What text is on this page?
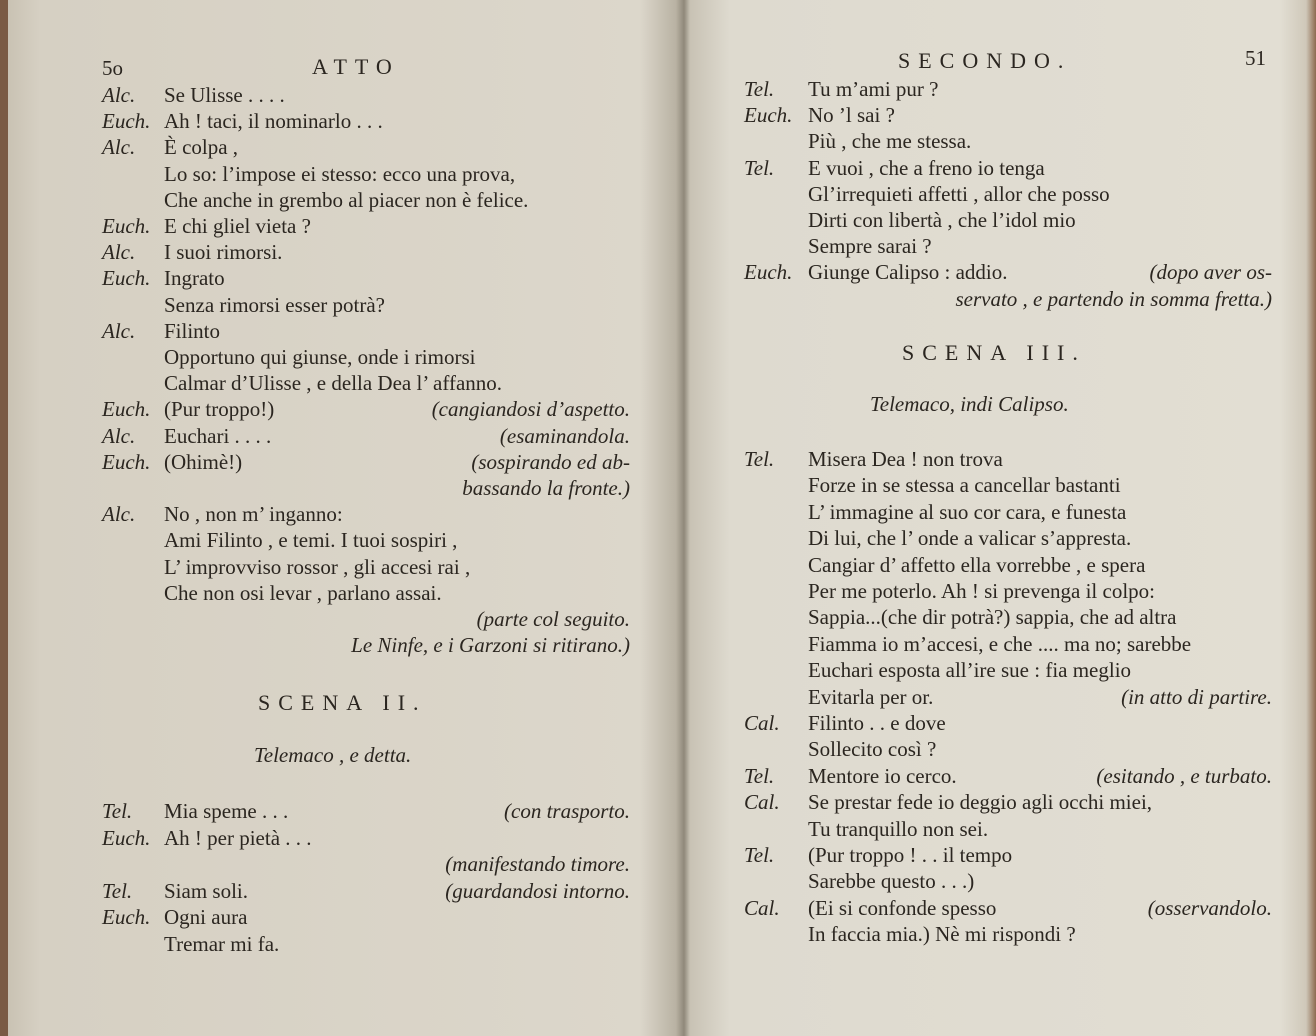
5o	ATTO
Alc. Se Ulisse . . . .
Euch. Ah ! taci, il nominarlo . . .
Alc. È colpa ,
Lo so: l’impose ei stesso: ecco una prova,
Che anche in grembo al piacer non è felice.
Euch. E chi gliel vieta ?
Alc. I suoi rimorsi.
Euch. Ingrato
Senza rimorsi esser potrà?
Alc. Filinto
Opportuno qui giunse, onde i rimorsi
Calmar d’Ulisse , e della Dea l’ affanno.
Euch. (Pur troppo!)	(cangiandosi d’aspetto.
Alc. Euchari . . . .	(esaminandola.
Euch. (Ohimè!)	(sospirando ed ab-
bassando la fronte.)
Alc. No , non m’ inganno:
Ami Filinto , e temi. I tuoi sospiri ,
L’ improvviso rossor , gli accesi rai ,
Che non osi levar , parlano assai.
(parte col seguito.
Le Ninfe, e i Garzoni si ritirano.)
SCENA II.
Telemaco , e detta.
Tel. Mia speme . . .	(con trasporto.
Euch. Ah ! per pietà . . .
(manifestando timore.
Tel. Siam soli.	(guardandosi intorno.
Euch. Ogni aura
Tremar mi fa.
SECONDO.	51
Tel. Tu m’ami pur ?
Euch. No ’l sai ?
Più , che me stessa.
Tel. E vuoi , che a freno io tenga
Gl’irrequieti affetti , allor che posso
Dirti con libertà , che l’idol mio
Sempre sarai ?
Euch. Giunge Calipso : addio.	(dopo aver os-
servato , e partendo in somma fretta.)
SCENA III.
Telemaco, indi Calipso.
Tel. Misera Dea ! non trova
Forze in se stessa a cancellar bastanti
L’ immagine al suo cor cara, e funesta
Di lui, che l’ onde a valicar s’appresta.
Cangiar d’ affetto ella vorrebbe , e spera
Per me poterlo. Ah ! si prevenga il colpo:
Sappia...(che dir potrà?) sappia, che ad altra
Fiamma io m’accesi, e che .... ma no; sarebbe
Euchari esposta all’ire sue : fia meglio
Evitarla per or.	(in atto di partire.
Cal. Filinto . . e dove
Sollecito così ?
Tel. Mentore io cerco.	(esitando , e turbato.
Cal. Se prestar fede io deggio agli occhi miei,
Tu tranquillo non sei.
Tel. (Pur troppo ! . . il tempo
Sarebbe questo . . .)
Cal. (Ei si confonde spesso	(osservandolo.
In faccia mia.) Nè mi rispondi ?
